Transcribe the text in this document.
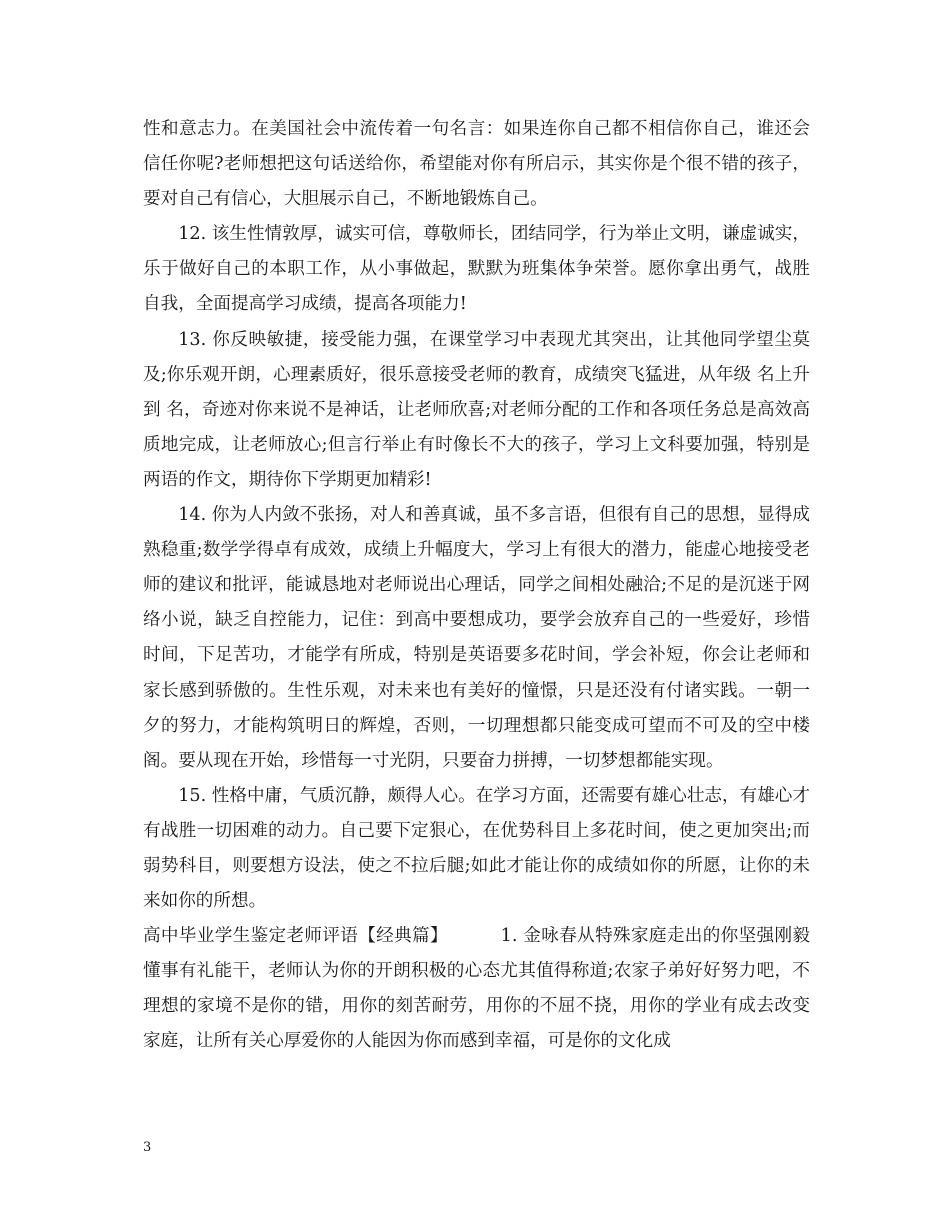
性和意志力。在美国社会中流传着一句名言：如果连你自己都不相信你自己，谁还会信任你呢?老师想把这句话送给你，希望能对你有所启示，其实你是个很不错的孩子，要对自己有信心，大胆展示自己，不断地锻炼自己。

12. 该生性情敦厚，诚实可信，尊敬师长，团结同学，行为举止文明，谦虚诚实，乐于做好自己的本职工作，从小事做起，默默为班集体争荣誉。愿你拿出勇气，战胜自我，全面提高学习成绩，提高各项能力!

13. 你反映敏捷，接受能力强，在课堂学习中表现尤其突出，让其他同学望尘莫及;你乐观开朗，心理素质好，很乐意接受老师的教育，成绩突飞猛进，从年级 名上升到 名，奇迹对你来说不是神话，让老师欣喜;对老师分配的工作和各项任务总是高效高质地完成，让老师放心;但言行举止有时像长不大的孩子，学习上文科要加强，特别是两语的作文，期待你下学期更加精彩!

14. 你为人内敛不张扬，对人和善真诚，虽不多言语，但很有自己的思想，显得成熟稳重;数学学得卓有成效，成绩上升幅度大，学习上有很大的潜力，能虚心地接受老师的建议和批评，能诚恳地对老师说出心理话，同学之间相处融洽;不足的是沉迷于网络小说，缺乏自控能力，记住：到高中要想成功，要学会放弃自己的一些爱好，珍惜时间，下足苦功，才能学有所成，特别是英语要多花时间，学会补短，你会让老师和家长感到骄傲的。生性乐观，对未来也有美好的憧憬，只是还没有付诸实践。一朝一夕的努力，才能构筑明日的辉煌，否则，一切理想都只能变成可望而不可及的空中楼阁。要从现在开始，珍惜每一寸光阴，只要奋力拼搏，一切梦想都能实现。

15. 性格中庸，气质沉静，颇得人心。在学习方面，还需要有雄心壮志，有雄心才有战胜一切困难的动力。自己要下定狠心，在优势科目上多花时间，使之更加突出;而弱势科目，则要想方设法，使之不拉后腿;如此才能让你的成绩如你的所愿，让你的未来如你的所想。

高中毕业学生鉴定老师评语【经典篇】   	1. 金咏春从特殊家庭走出的你坚强刚毅懂事有礼能干，老师认为你的开朗积极的心态尤其值得称道;农家子弟好好努力吧，不理想的家境不是你的错，用你的刻苦耐劳，用你的不屈不挠，用你的学业有成去改变家庭，让所有关心厚爱你的人能因为你而感到幸福，可是你的文化成

3
